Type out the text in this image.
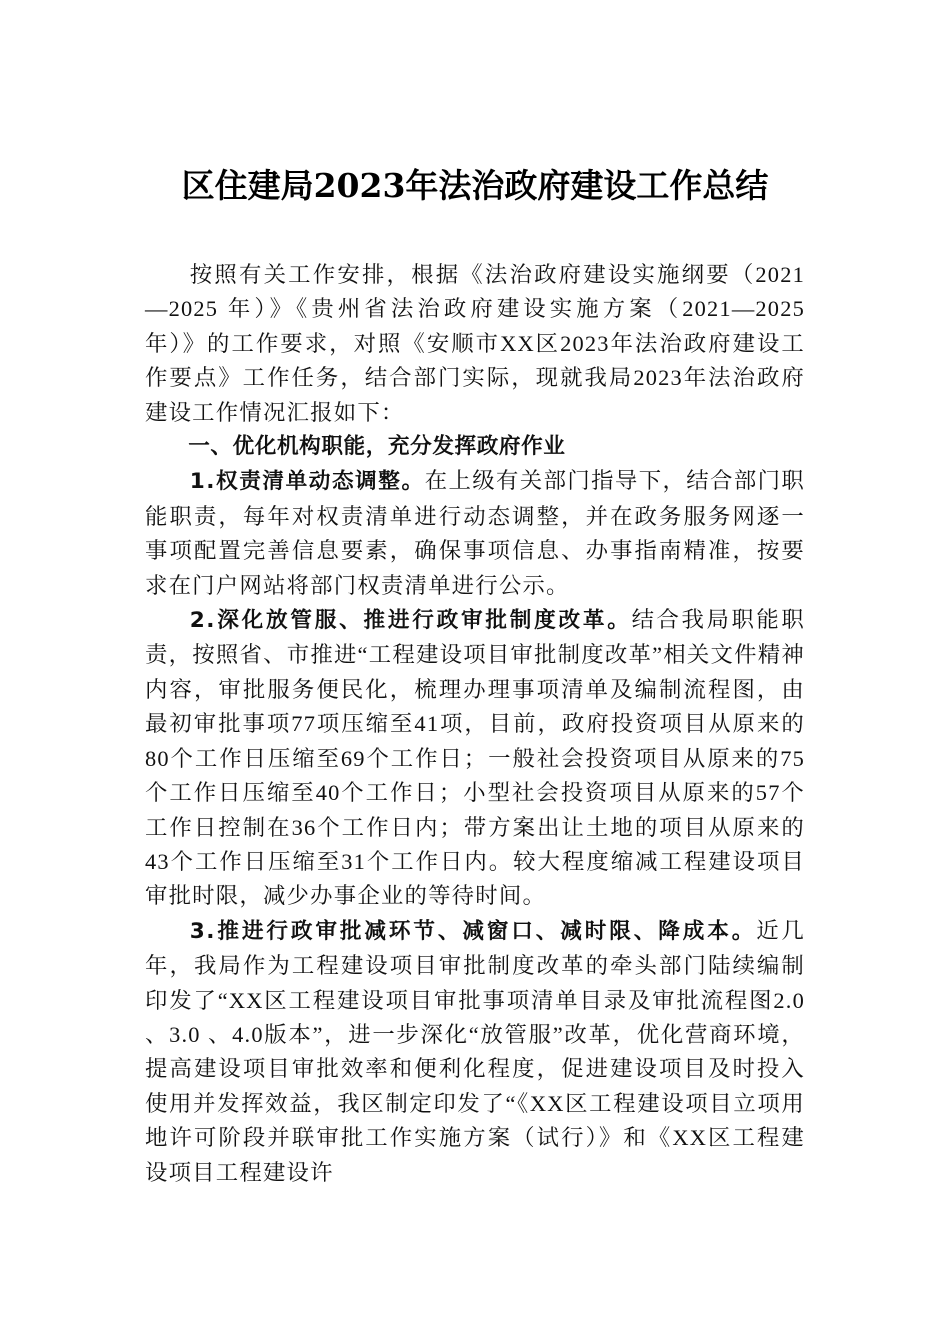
区住建局2023年法治政府建设工作总结

按照有关工作安排，根据《法治政府建设实施纲要（2021—2025 年）》《贵州省法治政府建设实施方案（2021—2025 年）》的工作要求，对照《安顺市XX区2023年法治政府建设工作要点》工作任务，结合部门实际，现就我局2023年法治政府建设工作情况汇报如下：

一、优化机构职能，充分发挥政府作业

1.权责清单动态调整。在上级有关部门指导下，结合部门职能职责，每年对权责清单进行动态调整，并在政务服务网逐一事项配置完善信息要素，确保事项信息、办事指南精准，按要求在门户网站将部门权责清单进行公示。

2.深化放管服、推进行政审批制度改革。结合我局职能职责，按照省、市推进“工程建设项目审批制度改革”相关文件精神内容，审批服务便民化，梳理办理事项清单及编制流程图，由最初审批事项77项压缩至41项，目前，政府投资项目从原来的80个工作日压缩至69个工作日；一般社会投资项目从原来的75个工作日压缩至40个工作日；小型社会投资项目从原来的57个工作日控制在36个工作日内；带方案出让土地的项目从原来的43个工作日压缩至31个工作日内。较大程度缩减工程建设项目审批时限，减少办事企业的等待时间。

3.推进行政审批减环节、减窗口、减时限、降成本。近几年，我局作为工程建设项目审批制度改革的牵头部门陆续编制印发了“XX区工程建设项目审批事项清单目录及审批流程图2.0 、3.0 、4.0版本”，进一步深化“放管服”改革，优化营商环境，提高建设项目审批效率和便利化程度，促进建设项目及时投入使用并发挥效益，我区制定印发了“《XX区工程建设项目立项用地许可阶段并联审批工作实施方案（试行）》和《XX区工程建设项目工程建设许
